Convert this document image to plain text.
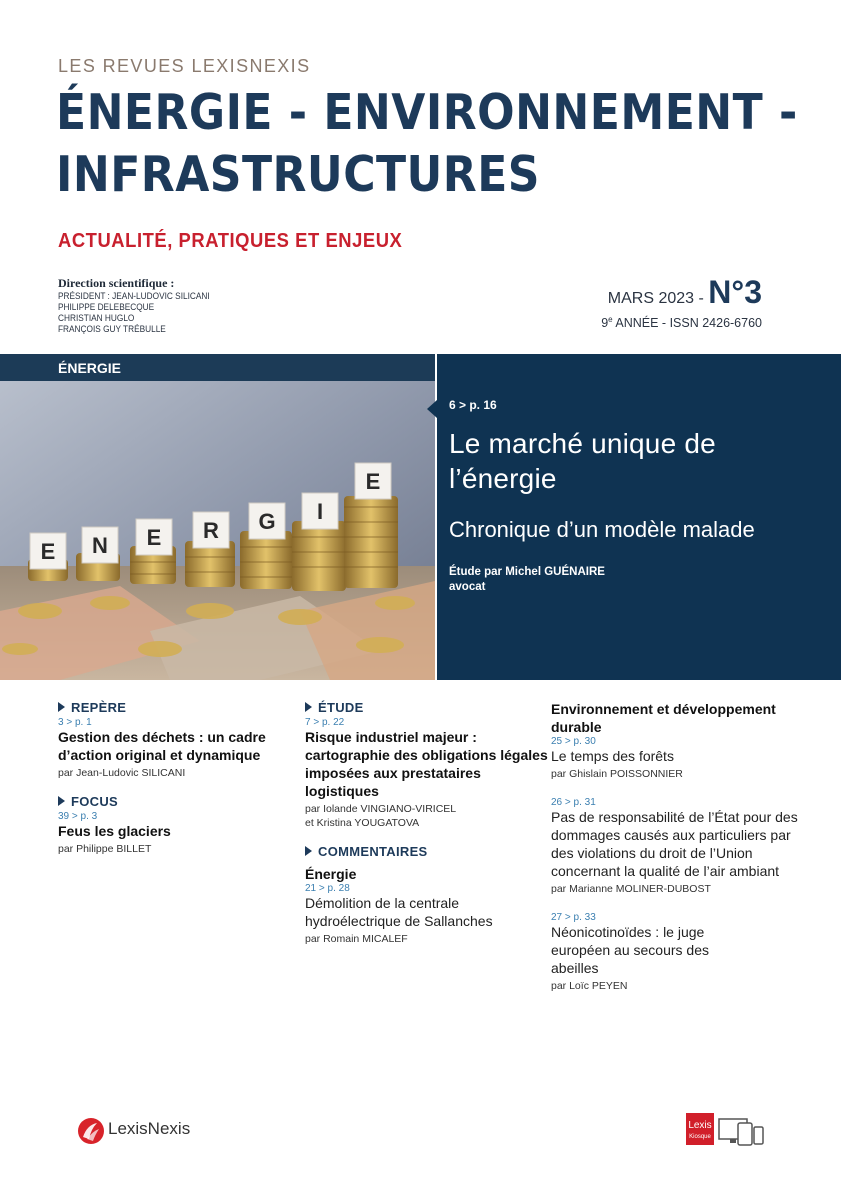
LES REVUES LEXISNEXIS
ÉNERGIE - ENVIRONNEMENT -
INFRASTRUCTURES
ACTUALITÉ, PRATIQUES ET ENJEUX
Direction scientifique :
PRÉSIDENT : JEAN-LUDOVIC SILICANI
PHILIPPE DELEBECQUE
CHRISTIAN HUGLO
FRANÇOIS GUY TRÉBULLE
MARS 2023 - N°3
9e ANNÉE - ISSN 2426-6760
ÉNERGIE
E N E R G I
E
6 > p. 16
Le marché unique de l’énergie
Chronique d’un modèle malade
Étude par Michel GUÉNAIRE
avocat
REPÈRE
3 > p. 1
Gestion des déchets : un cadre d’action original et dynamique
par Jean-Ludovic SILICANI
FOCUS
39 > p. 3
Feus les glaciers
par Philippe BILLET
ÉTUDE
7 > p. 22
Risque industriel majeur : cartographie des obligations légales imposées aux prestataires logistiques
par Iolande VINGIANO-VIRICEL
et Kristina YOUGATOVA
COMMENTAIRES
Énergie
21 > p. 28
Démolition de la centrale hydroélectrique de Sallanches
par Romain MICALEF
Environnement et développement durable
25 > p. 30
Le temps des forêts
par Ghislain POISSONNIER
26 > p. 31
Pas de responsabilité de l’État pour des dommages causés aux particuliers par des violations du droit de l’Union concernant la qualité de l’air ambiant
par Marianne MOLINER-DUBOST
27 > p. 33
Néonicotinoïdes : le juge européen au secours des abeilles
par Loïc PEYEN
LexisNexis	Lexis
Kiosque
